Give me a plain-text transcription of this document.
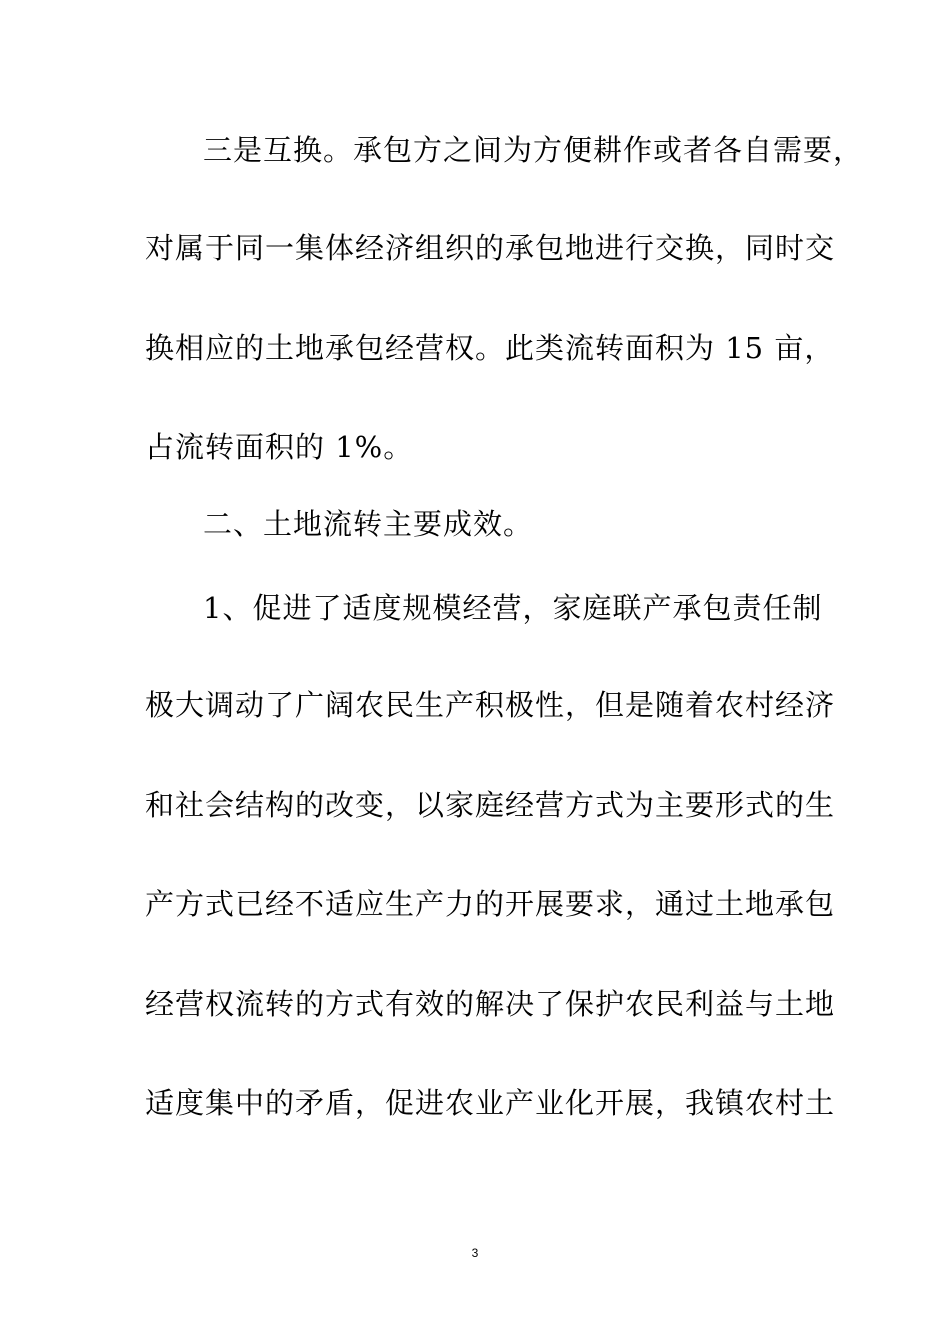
三是互换。承包方之间为方便耕作或者各自需要，
对属于同一集体经济组织的承包地进行交换，同时交
换相应的土地承包经营权。此类流转面积为 15 亩，
占流转面积的 1%。
二、土地流转主要成效。
1、促进了适度规模经营，家庭联产承包责任制
极大调动了广阔农民生产积极性，但是随着农村经济
和社会结构的改变，以家庭经营方式为主要形式的生
产方式已经不适应生产力的开展要求，通过土地承包
经营权流转的方式有效的解决了保护农民利益与土地
适度集中的矛盾，促进农业产业化开展，我镇农村土
3
